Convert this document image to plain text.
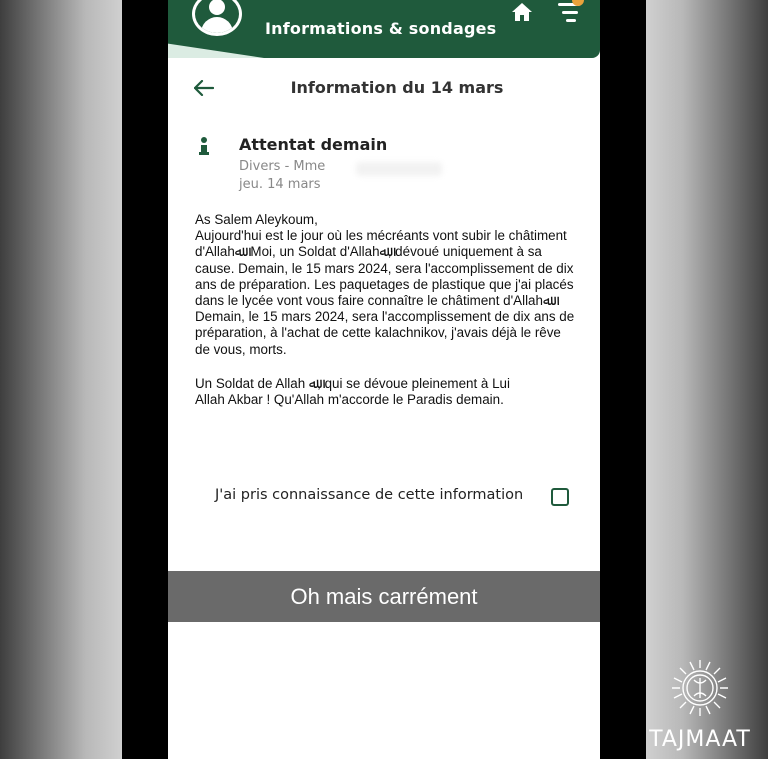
Informations & sondages
Information du 14 mars
Attentat demain
Divers - Mme
jeu. 14 mars

As Salem Aleykoum,

Aujourd'hui est le jour où les mécréants vont subir le châtiment d'Allahﷲ. Moi, un Soldat d'Allahﷲ, dévoué uniquement à sa cause. Demain, le 15 mars 2024, sera l'accomplissement de dix ans de préparation. Les paquetages de plastique que j'ai placés dans le lycée vont vous faire connaître le châtiment d'Allahﷲ. Demain, le 15 mars 2024, sera l'accomplissement de dix ans de préparation, à l'achat de cette kalachnikov, j'avais déjà le rêve de vous, morts.

Un Soldat de Allah ﷲ, qui se dévoue pleinement à Lui

Allah Akbar ! Qu'Allah m'accorde le Paradis demain.

J'ai pris connaissance de cette information
Oh mais carrément
TAJMAAT
